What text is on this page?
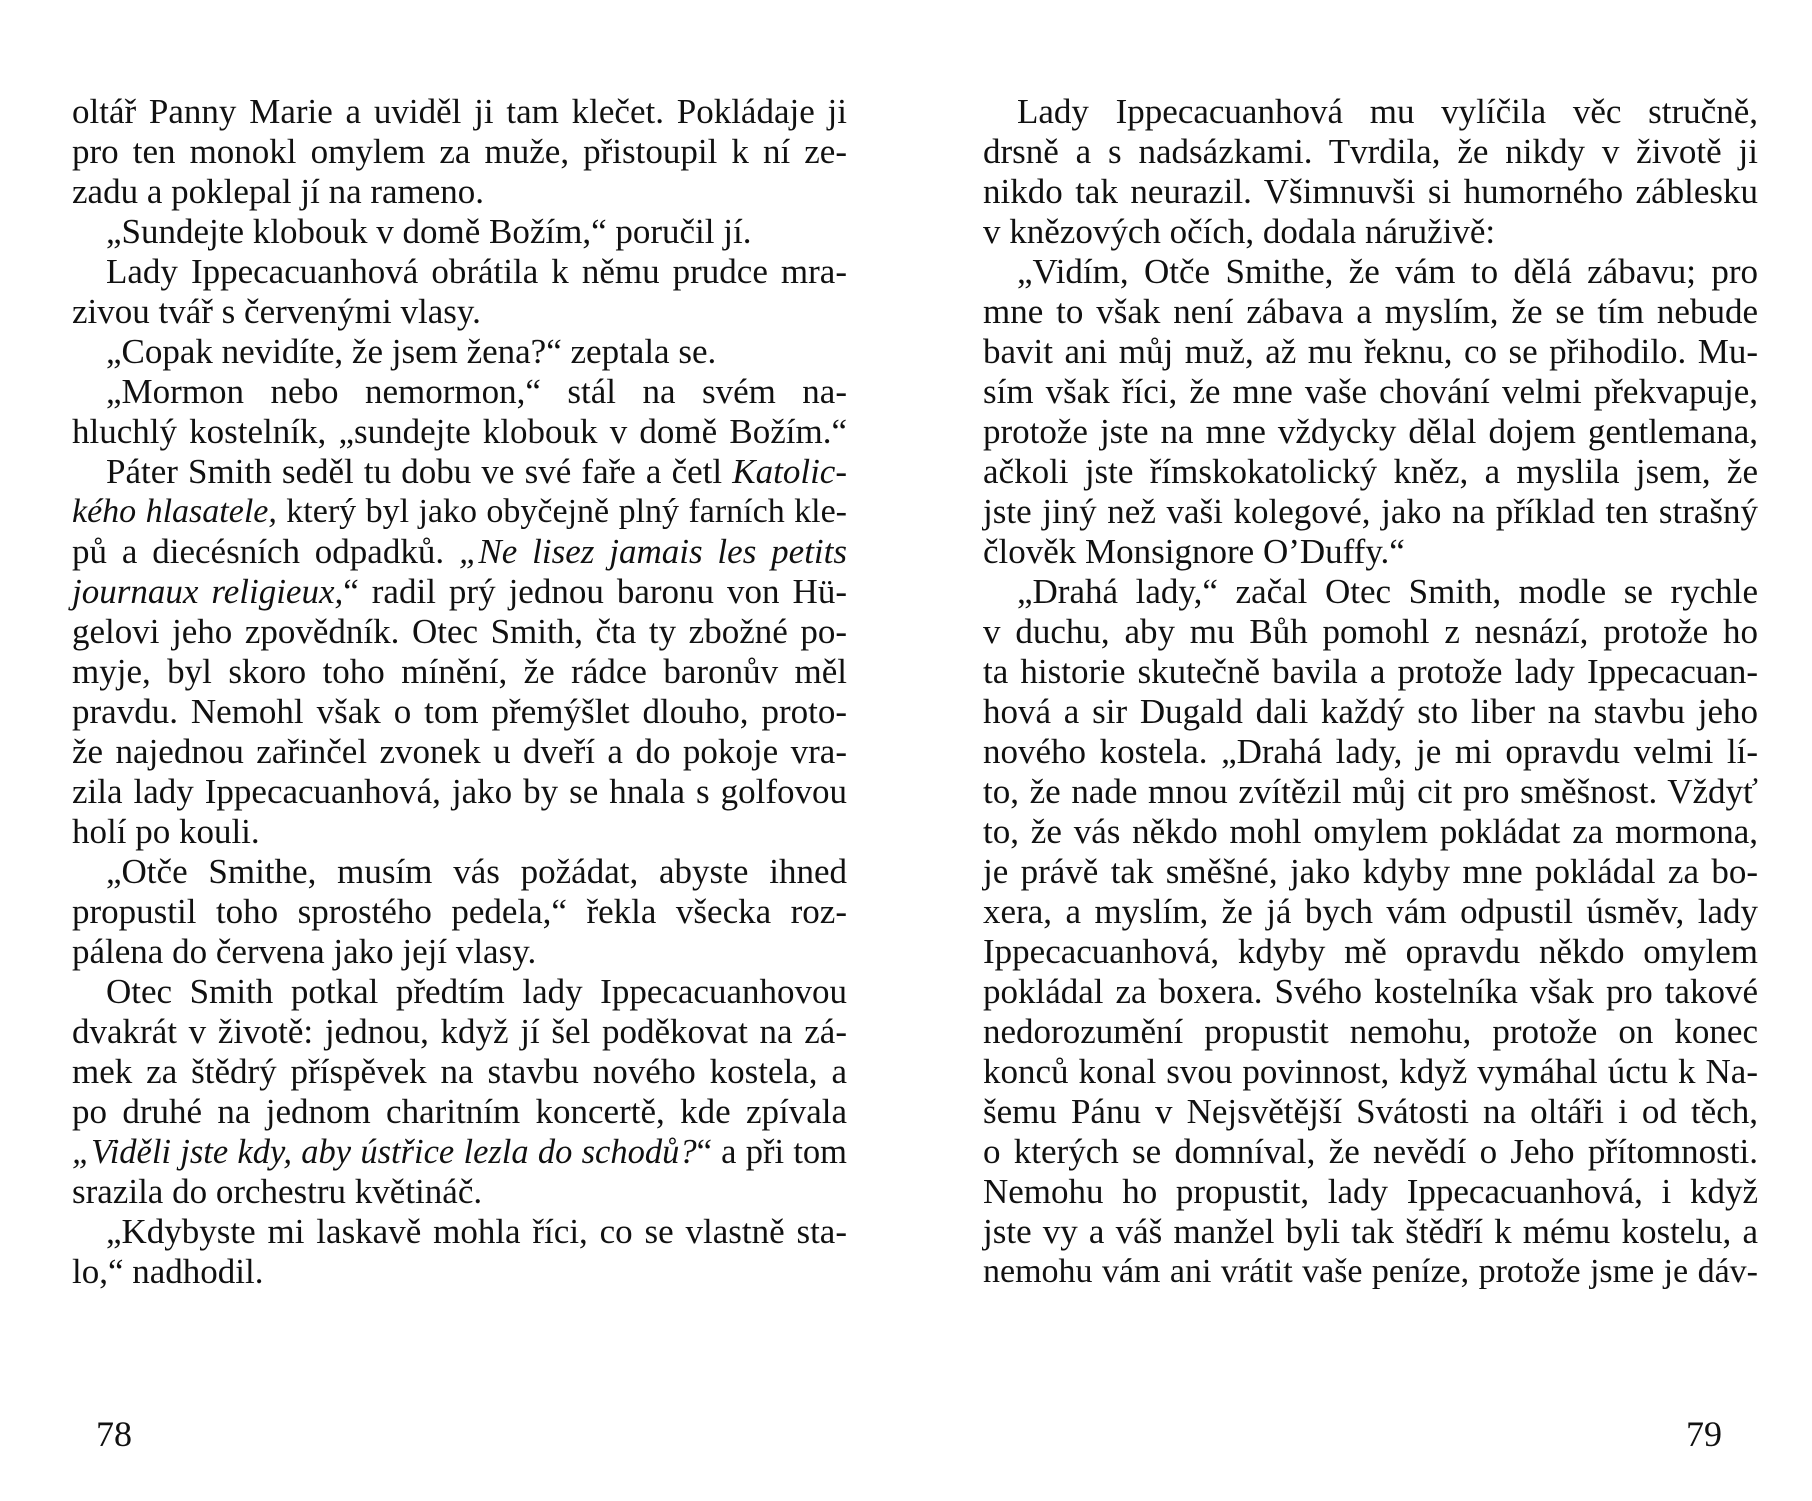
oltář Panny Marie a uviděl ji tam klečet. Pokládaje ji
pro ten monokl omylem za muže, přistoupil k ní ze-
zadu a poklepal jí na rameno.
„Sundejte klobouk v domě Božím,“ poručil jí.
Lady Ippecacuanhová obrátila k němu prudce mra-
zivou tvář s červenými vlasy.
„Copak nevidíte, že jsem žena?“ zeptala se.
„Mormon nebo nemormon,“ stál na svém na-
hluchlý kostelník, „sundejte klobouk v domě Božím.“
Páter Smith seděl tu dobu ve své faře a četl Katolic-
kého hlasatele, který byl jako obyčejně plný farních kle-
pů a diecésních odpadků. „Ne lisez jamais les petits
journaux religieux,“ radil prý jednou baronu von Hü-
gelovi jeho zpovědník. Otec Smith, čta ty zbožné po-
myje, byl skoro toho mínění, že rádce baronův měl
pravdu. Nemohl však o tom přemýšlet dlouho, proto-
že najednou zařinčel zvonek u dveří a do pokoje vra-
zila lady Ippecacuanhová, jako by se hnala s golfovou
holí po kouli.
„Otče Smithe, musím vás požádat, abyste ihned
propustil toho sprostého pedela,“ řekla všecka roz-
pálena do červena jako její vlasy.
Otec Smith potkal předtím lady Ippecacuanhovou
dvakrát v životě: jednou, když jí šel poděkovat na zá-
mek za štědrý příspěvek na stavbu nového kostela, a
po druhé na jednom charitním koncertě, kde zpívala
„Viděli jste kdy, aby ústřice lezla do schodů?“ a při tom
srazila do orchestru květináč.
„Kdybyste mi laskavě mohla říci, co se vlastně sta-
lo,“ nadhodil.
78
Lady Ippecacuanhová mu vylíčila věc stručně,
drsně a s nadsázkami. Tvrdila, že nikdy v životě ji
nikdo tak neurazil. Všimnuvši si humorného záblesku
v knězových očích, dodala náruživě:
„Vidím, Otče Smithe, že vám to dělá zábavu; pro
mne to však není zábava a myslím, že se tím nebude
bavit ani můj muž, až mu řeknu, co se přihodilo. Mu-
sím však říci, že mne vaše chování velmi překvapuje,
protože jste na mne vždycky dělal dojem gentlemana,
ačkoli jste římskokatolický kněz, a myslila jsem, že
jste jiný než vaši kolegové, jako na příklad ten strašný
člověk Monsignore O’Duffy.“
„Drahá lady,“ začal Otec Smith, modle se rychle
v duchu, aby mu Bůh pomohl z nesnází, protože ho
ta historie skutečně bavila a protože lady Ippecacuan-
hová a sir Dugald dali každý sto liber na stavbu jeho
nového kostela. „Drahá lady, je mi opravdu velmi lí-
to, že nade mnou zvítězil můj cit pro směšnost. Vždyť
to, že vás někdo mohl omylem pokládat za mormona,
je právě tak směšné, jako kdyby mne pokládal za bo-
xera, a myslím, že já bych vám odpustil úsměv, lady
Ippecacuanhová, kdyby mě opravdu někdo omylem
pokládal za boxera. Svého kostelníka však pro takové
nedorozumění propustit nemohu, protože on konec
konců konal svou povinnost, když vymáhal úctu k Na-
šemu Pánu v Nejsvětější Svátosti na oltáři i od těch,
o kterých se domníval, že nevědí o Jeho přítomnosti.
Nemohu ho propustit, lady Ippecacuanhová, i když
jste vy a váš manžel byli tak štědří k mému kostelu, a
nemohu vám ani vrátit vaše peníze, protože jsme je dáv-
79
